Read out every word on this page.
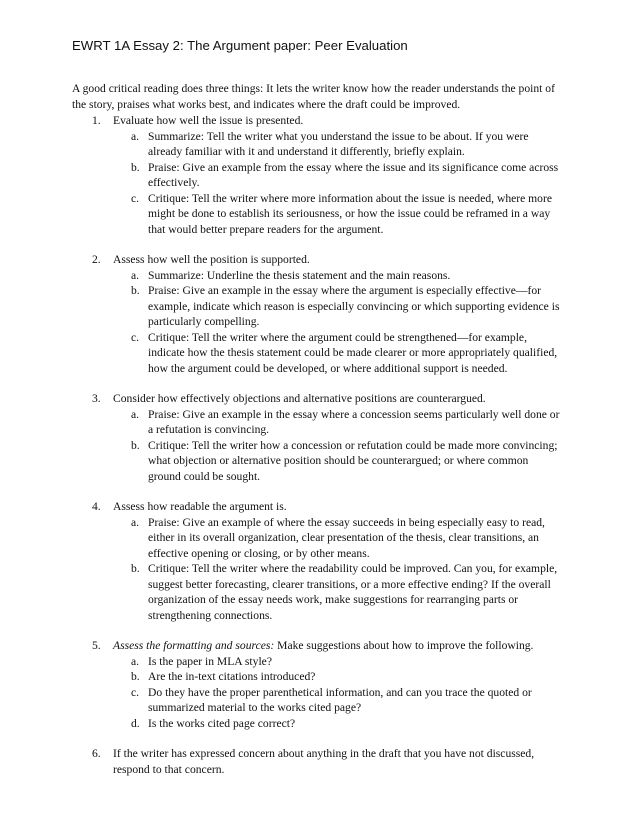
EWRT 1A Essay 2: The Argument paper: Peer Evaluation
A good critical reading does three things: It lets the writer know how the reader understands the point of the story, praises what works best, and indicates where the draft could be improved.
1. Evaluate how well the issue is presented.
a. Summarize: Tell the writer what you understand the issue to be about. If you were already familiar with it and understand it differently, briefly explain.
b. Praise: Give an example from the essay where the issue and its significance come across effectively.
c. Critique: Tell the writer where more information about the issue is needed, where more might be done to establish its seriousness, or how the issue could be reframed in a way that would better prepare readers for the argument.
2. Assess how well the position is supported.
a. Summarize: Underline the thesis statement and the main reasons.
b. Praise: Give an example in the essay where the argument is especially effective—for example, indicate which reason is especially convincing or which supporting evidence is particularly compelling.
c. Critique: Tell the writer where the argument could be strengthened—for example, indicate how the thesis statement could be made clearer or more appropriately qualified, how the argument could be developed, or where additional support is needed.
3. Consider how effectively objections and alternative positions are counterargued.
a. Praise: Give an example in the essay where a concession seems particularly well done or a refutation is convincing.
b. Critique: Tell the writer how a concession or refutation could be made more convincing; what objection or alternative position should be counterargued; or where common ground could be sought.
4. Assess how readable the argument is.
a. Praise: Give an example of where the essay succeeds in being especially easy to read, either in its overall organization, clear presentation of the thesis, clear transitions, an effective opening or closing, or by other means.
b. Critique: Tell the writer where the readability could be improved. Can you, for example, suggest better forecasting, clearer transitions, or a more effective ending? If the overall organization of the essay needs work, make suggestions for rearranging parts or strengthening connections.
5. Assess the formatting and sources: Make suggestions about how to improve the following.
a. Is the paper in MLA style?
b. Are the in-text citations introduced?
c. Do they have the proper parenthetical information, and can you trace the quoted or summarized material to the works cited page?
d. Is the works cited page correct?
6. If the writer has expressed concern about anything in the draft that you have not discussed, respond to that concern.
